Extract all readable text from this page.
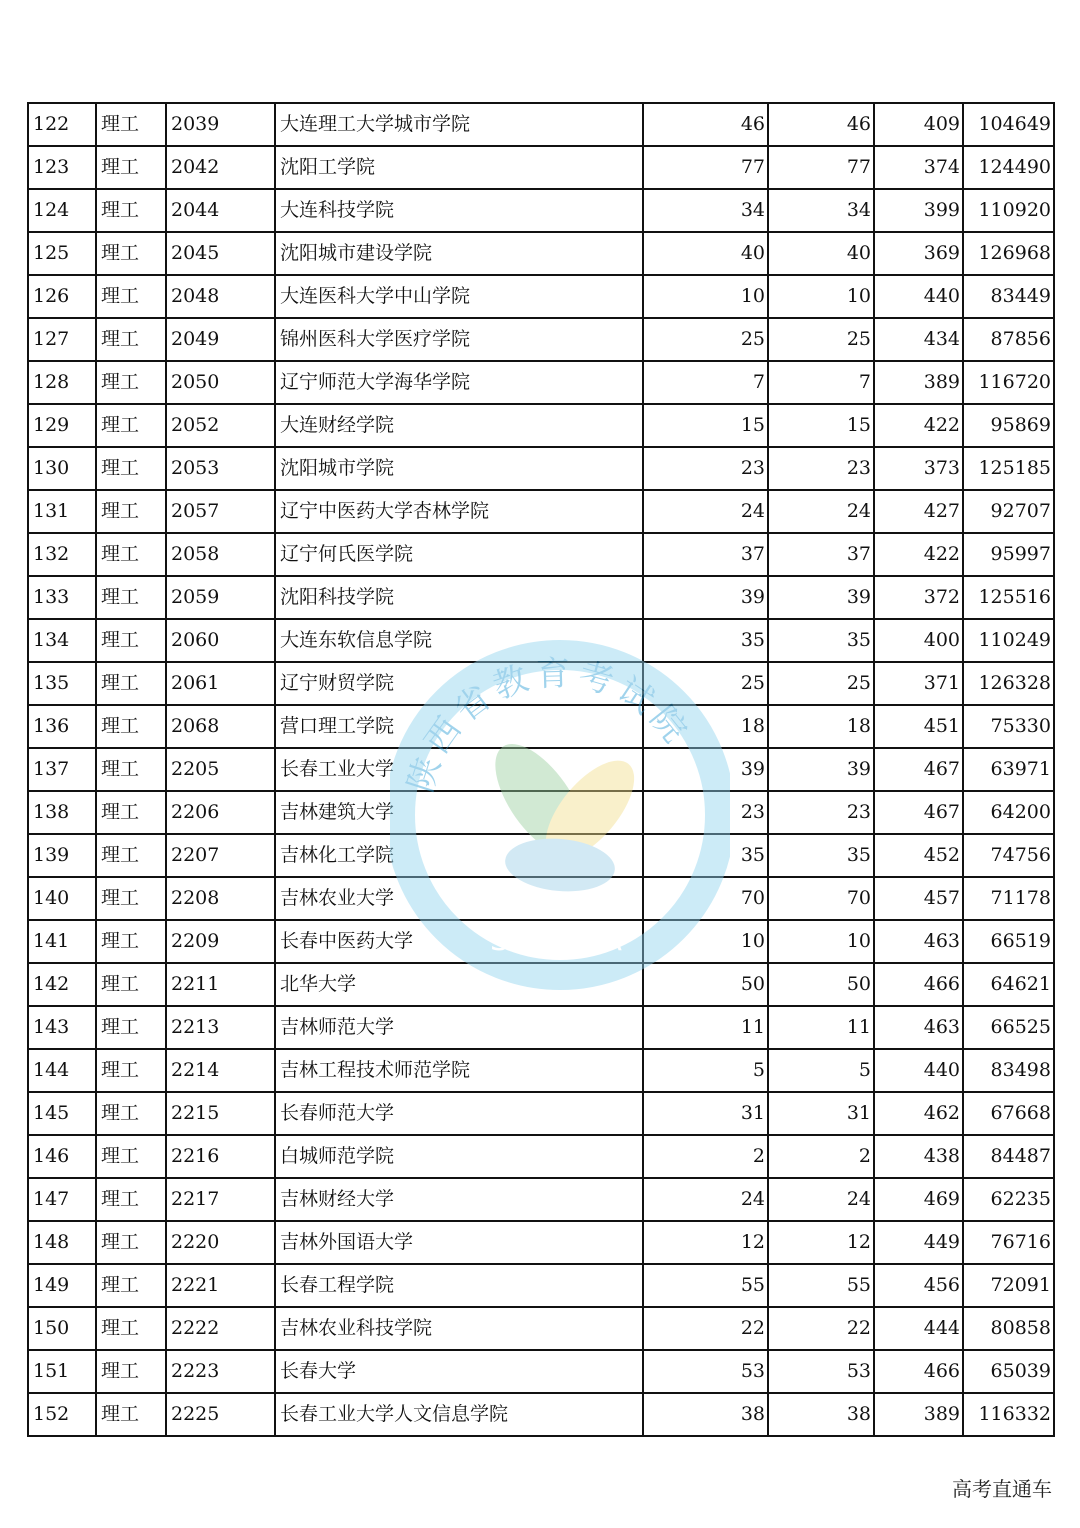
122	理工	2039	大连理工大学城市学院	46	46	409	104649
123	理工	2042	沈阳工学院	77	77	374	124490
124	理工	2044	大连科技学院	34	34	399	110920
125	理工	2045	沈阳城市建设学院	40	40	369	126968
126	理工	2048	大连医科大学中山学院	10	10	440	83449
127	理工	2049	锦州医科大学医疗学院	25	25	434	87856
128	理工	2050	辽宁师范大学海华学院	7	7	389	116720
129	理工	2052	大连财经学院	15	15	422	95869
130	理工	2053	沈阳城市学院	23	23	373	125185
131	理工	2057	辽宁中医药大学杏林学院	24	24	427	92707
132	理工	2058	辽宁何氏医学院	37	37	422	95997
133	理工	2059	沈阳科技学院	39	39	372	125516
134	理工	2060	大连东软信息学院	35	35	400	110249
135	理工	2061	辽宁财贸学院	25	25	371	126328
136	理工	2068	营口理工学院	18	18	451	75330
137	理工	2205	长春工业大学	39	39	467	63971
138	理工	2206	吉林建筑大学	23	23	467	64200
139	理工	2207	吉林化工学院	35	35	452	74756
140	理工	2208	吉林农业大学	70	70	457	71178
141	理工	2209	长春中医药大学	10	10	463	66519
142	理工	2211	北华大学	50	50	466	64621
143	理工	2213	吉林师范大学	11	11	463	66525
144	理工	2214	吉林工程技术师范学院	5	5	440	83498
145	理工	2215	长春师范大学	31	31	462	67668
146	理工	2216	白城师范学院	2	2	438	84487
147	理工	2217	吉林财经大学	24	24	469	62235
148	理工	2220	吉林外国语大学	12	12	449	76716
149	理工	2221	长春工程学院	55	55	456	72091
150	理工	2222	吉林农业科技学院	22	22	444	80858
151	理工	2223	长春大学	53	53	466	65039
152	理工	2225	长春工业大学人文信息学院	38	38	389	116332
陕西省教育考试院
SNEEA
高考直通车
